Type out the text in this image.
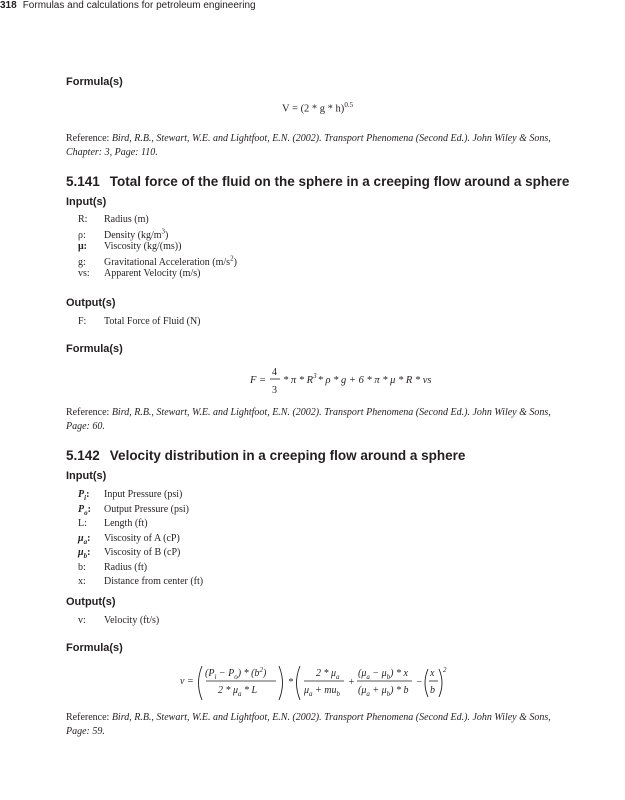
318 Formulas and calculations for petroleum engineering
Formula(s)
V = (2 * g * h)$^{0.5}$
Reference: Bird, R.B., Stewart, W.E. and Lightfoot, E.N. (2002). Transport Phenomena (Second Ed.). John Wiley & Sons,
Chapter: 3, Page: 110.
5.141 Total force of the fluid on the sphere in a creeping flow around a sphere
Input(s)
R: Radius (m)
ρ: Density $(kg/m^3)$
μ: Viscosity (kg/(ms))
g: Gravitational Acceleration $(m/s^2)$
vs: Apparent Velocity (m/s)
Output(s)
F: Total Force of Fluid (N)
Formula(s)
F =
4
3
* π * $R^3*$ ρ * g + 6 * π * μ * R * vs
Reference: Bird, R.B., Stewart, W.E. and Lightfoot, E.N. (2002). Transport Phenomena (Second Ed.). John Wiley & Sons,
Page: 60.
5.142 Velocity distribution in a creeping flow around a sphere
Input(s)
$P_i$: Input Pressure (psi)
$P_o$: Output Pressure (psi)
L: Length (ft)
$\mu_a$: Viscosity of A (cP)
$\mu_b$: Viscosity of B (cP)
b: Radius (ft)
x: Distance from center (ft)
Output(s)
v: Velocity (ft/s)
Formula(s)
v =
$(P_i - P_o) * (b^2)$
$2 * \mu_a$ * L
*
$2 * \mu_a$
$\mu_a + mu_b$
+
$(\mu_a - \mu_b) * x$
$(\mu_a + \mu_b) * b$
−
x
b
2
Reference: Bird, R.B., Stewart, W.E. and Lightfoot, E.N. (2002). Transport Phenomena (Second Ed.). John Wiley & Sons,
Page: 59.
